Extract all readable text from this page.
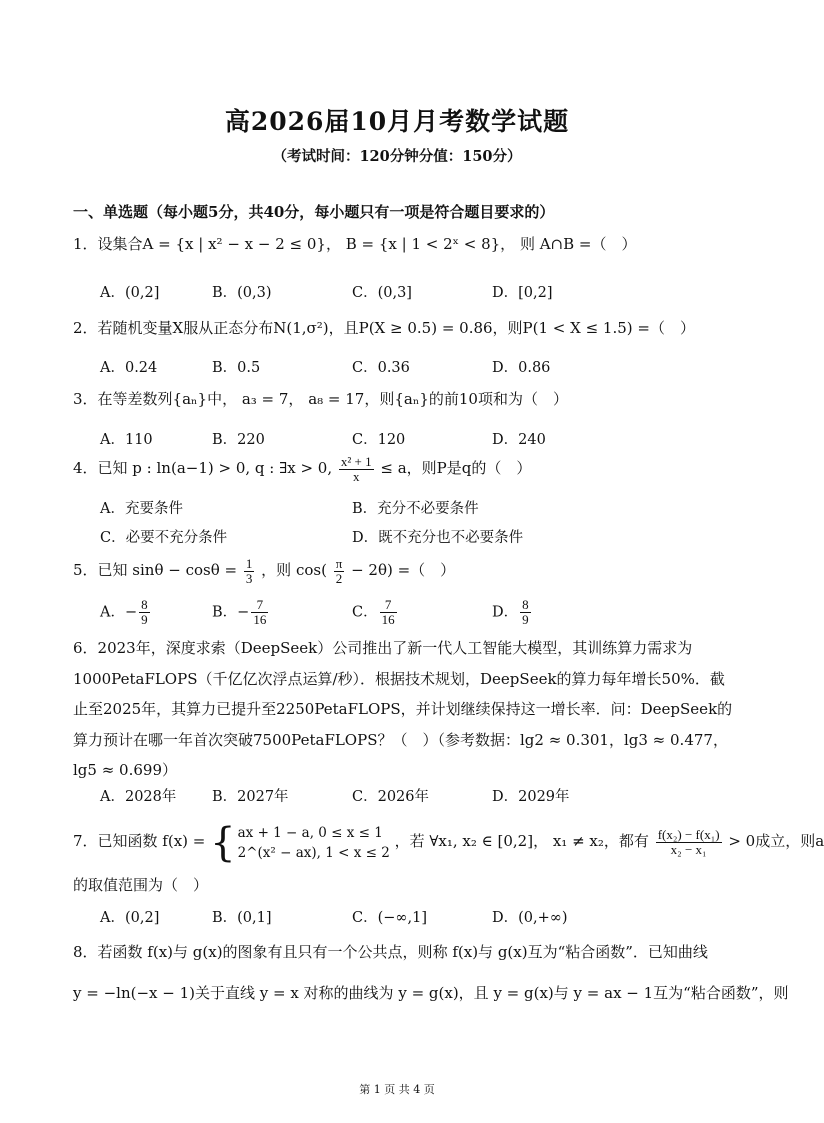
高2026届10月月考数学试题
（考试时间：120分钟分值：150分）
一、单选题（每小题5分，共40分，每小题只有一项是符合题目要求的）
1．设集合A = {x | x² − x − 2 ≤ 0}， B = {x | 1 < 2ˣ < 8}， 则 A∩B =（　）
A．(0,2]	B．(0,3)	C．(0,3]	D．[0,2]
2．若随机变量X服从正态分布N(1,σ²)，且P(X ≥ 0.5) = 0.86，则P(1 < X ≤ 1.5) =（　）
A．0.24	B．0.5	C．0.36	D．0.86
3．在等差数列{aₙ}中， a₃ = 7， a₈ = 17，则{aₙ}的前10项和为（　）
A．110	B．220	C．120	D．240
4．已知 p : ln(a−1) > 0, q : ∃x > 0, $\frac{\text{x² + 1}}{x} \le a$，则P是q的（　）
A．充要条件	B．充分不必要条件
C．必要不充分条件	D．既不充分也不必要条件
5．已知 $\sin\theta - \cos\theta = \frac{1}{3}$ ，则 $\cos( \frac{\pi}{2} - 2\theta)$ =（　）
A．− $\frac{8}{9}$	B．− $\frac{7}{16}$	C． $\frac{7}{16}$	D． $\frac{8}{9}$
6．2023年，深度求索（DeepSeek）公司推出了新一代人工智能大模型，其训练算力需求为1000PetaFLOPS（千亿亿次浮点运算/秒）．根据技术规划，DeepSeek的算力每年增长50%．截止至2025年，其算力已提升至2250PetaFLOPS，并计划继续保持这一增长率．问：DeepSeek的算力预计在哪一年首次突破7500PetaFLOPS？（　）（参考数据：lg2 ≈ 0.301，lg3 ≈ 0.477，lg5 ≈ 0.699）
A．2028年 B．2027年	C．2026年	D．2029年
7．已知函数 f(x) = { ax + 1 − a, 0 ≤ x ≤ 1
2^(x² − ax), 1 < x ≤ 2
，若 ∀x₁, x₂ ∈ [0,2]， x₁ ≠ x₂，都有 $\frac{\text{f(x₂) − f(x₁)}}{\text{x₂ − x₁}} > 0$成立，则a
的取值范围为（　）
A．(0,2]	B．(0,1]	C．(−∞,1]	D．(0,+∞)
8．若函数 f(x)与 g(x)的图象有且只有一个公共点，则称 f(x)与 g(x)互为“粘合函数”．已知曲线
y = −ln(−x − 1)关于直线 y = x 对称的曲线为 y = g(x)，且 y = g(x)与 y = ax − 1互为“粘合函数”，则
第 1 页 共 4 页
